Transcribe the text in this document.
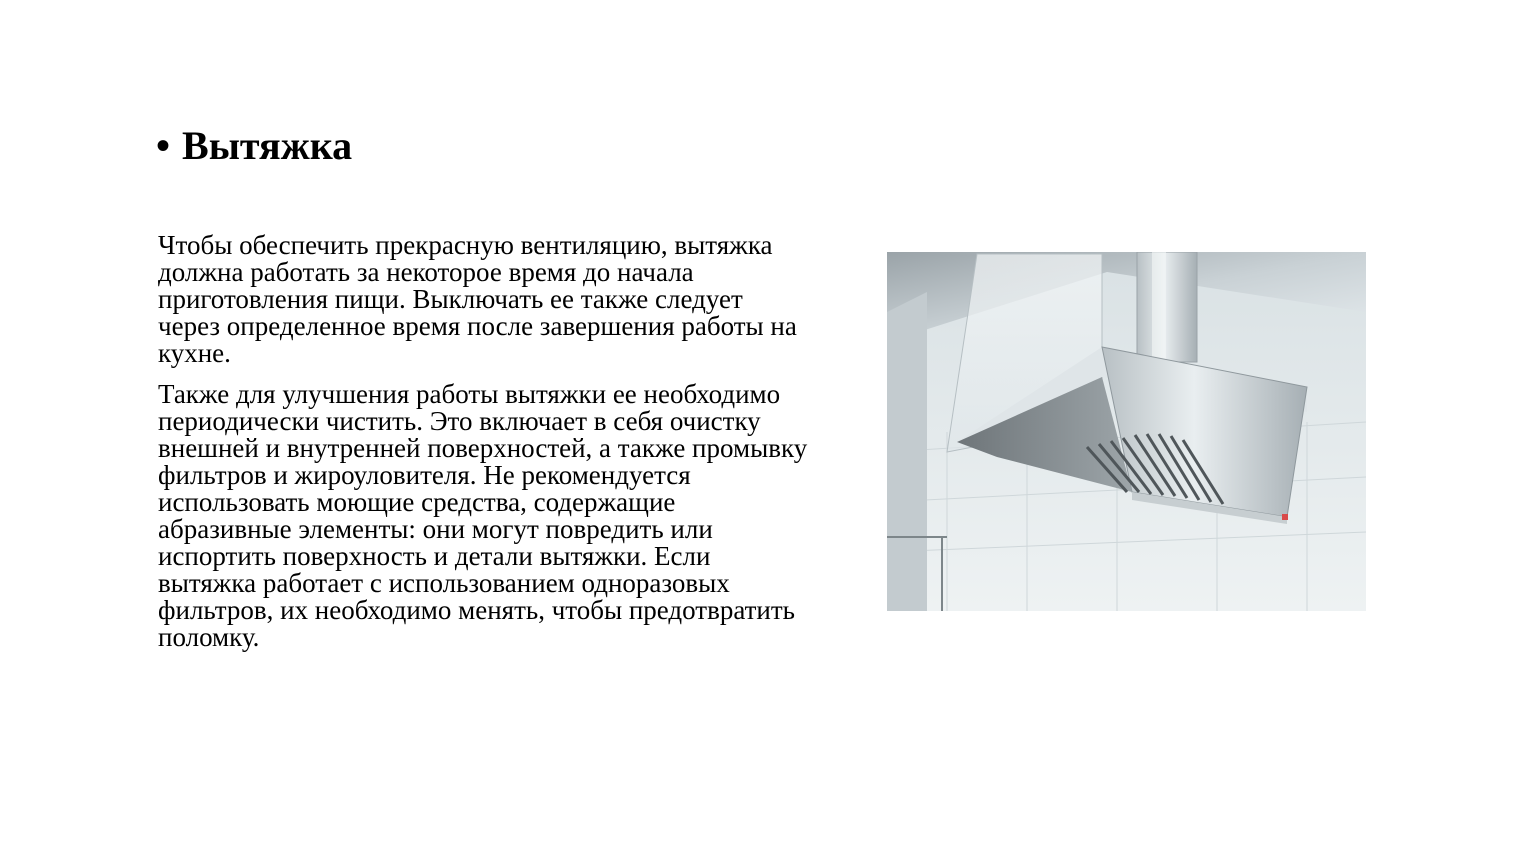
• Вытяжка

Чтобы обеспечить прекрасную вентиляцию, вытяжка должна работать за некоторое время до начала приготовления пищи. Выключать ее также следует через определенное время после завершения работы на кухне.

Также для улучшения работы вытяжки ее необходимо периодически чистить. Это включает в себя очистку внешней и внутренней поверхностей, а также промывку фильтров и жироуловителя. Не рекомендуется использовать моющие средства, содержащие абразивные элементы: они могут повредить или испортить поверхность и детали вытяжки. Если вытяжка работает с использованием одноразовых фильтров, их необходимо менять, чтобы предотвратить поломку.
